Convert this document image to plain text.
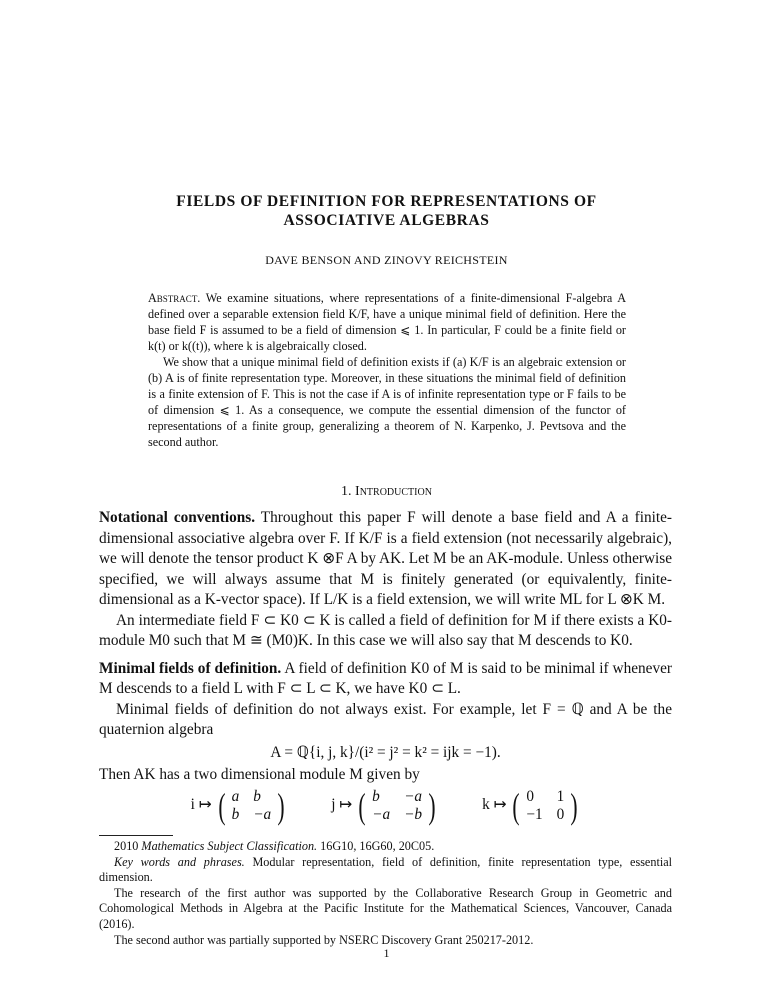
FIELDS OF DEFINITION FOR REPRESENTATIONS OF
ASSOCIATIVE ALGEBRAS
DAVE BENSON AND ZINOVY REICHSTEIN

Abstract. We examine situations, where representations of a finite-dimensional F-algebra A defined over a separable extension field K/F, have a unique minimal field of definition. Here the base field F is assumed to be a field of dimension ⩽ 1. In particular, F could be a finite field or k(t) or k((t)), where k is algebraically closed.

We show that a unique minimal field of definition exists if (a) K/F is an algebraic extension or (b) A is of finite representation type. Moreover, in these situations the minimal field of definition is a finite extension of F. This is not the case if A is of infinite representation type or F fails to be of dimension ⩽ 1. As a consequence, we compute the essential dimension of the functor of representations of a finite group, generalizing a theorem of N. Karpenko, J. Pevtsova and the second author.

1. Introduction

Notational conventions. Throughout this paper F will denote a base field and A a finite-dimensional associative algebra over F. If K/F is a field extension (not necessarily algebraic), we will denote the tensor product K ⊗F A by AK. Let M be an AK-module. Unless otherwise specified, we will always assume that M is finitely generated (or equivalently, finite-dimensional as a K-vector space). If L/K is a field extension, we will write ML for L ⊗K M.

An intermediate field F ⊂ K0 ⊂ K is called a field of definition for M if there exists a K0-module M0 such that M ≅ (M0)K. In this case we will also say that M descends to K0.

Minimal fields of definition. A field of definition K0 of M is said to be minimal if whenever M descends to a field L with F ⊂ L ⊂ K, we have K0 ⊂ L.

Minimal fields of definition do not always exist. For example, let F = ℚ and A be the quaternion algebra

A = ℚ{i, j, k}/(i² = j² = k² = ijk = −1).

Then AK has a two dimensional module M given by

i ↦ ( a b
b −a )	j ↦ ( b	−a
−a −b )	k ↦ ( 0	1
−1 0 )

2010 Mathematics Subject Classification. 16G10, 16G60, 20C05.

Key words and phrases. Modular representation, field of definition, finite representation type, essential dimension.

The research of the first author was supported by the Collaborative Research Group in Geometric and Cohomological Methods in Algebra at the Pacific Institute for the Mathematical Sciences, Vancouver, Canada (2016).

The second author was partially supported by NSERC Discovery Grant 250217-2012.

1
